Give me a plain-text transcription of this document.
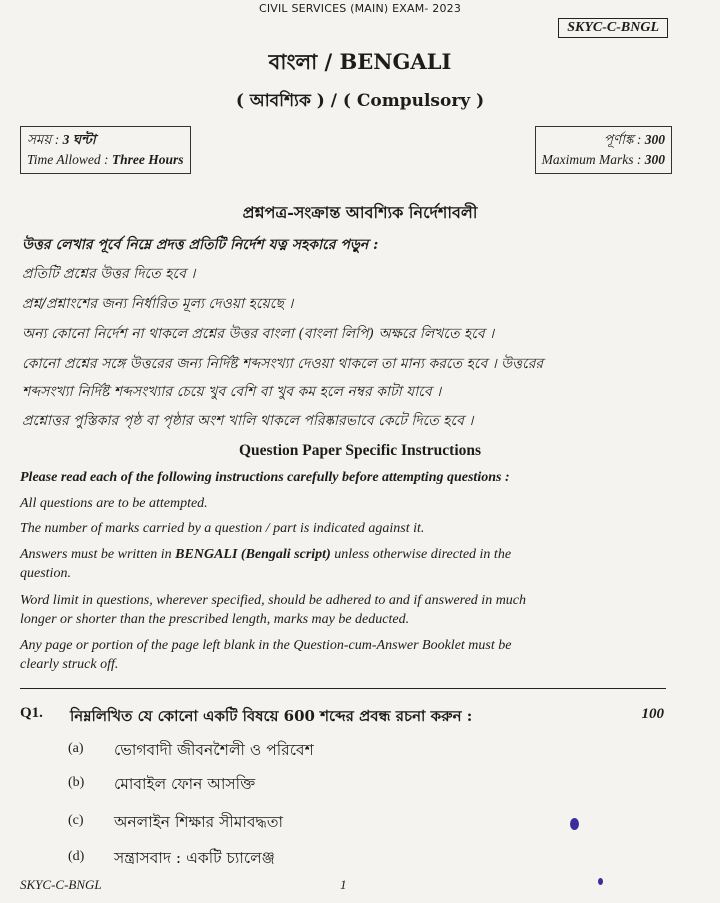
CIVIL SERVICES (MAIN) EXAM- 2023
SKYC-C-BNGL
বাংলা / BENGALI
( আবশ্যিক ) / ( Compulsory )
সময় : 3 ঘন্টা
Time Allowed : Three Hours
পূর্ণাঙ্ক : 300
Maximum Marks : 300
প্রশ্নপত্র-সংক্রান্ত আবশ্যিক নির্দেশাবলী
উত্তর লেখার পূর্বে নিম্নে প্রদত্ত প্রতিটি নির্দেশ যত্ন সহকারে পড়ুন :
প্রতিটি প্রশ্নের উত্তর দিতে হবে ।
প্রশ্ন/প্রশ্নাংশের জন্য নির্ধারিত মূল্য দেওয়া হয়েছে ।
অন্য কোনো নির্দেশ না থাকলে প্রশ্নের উত্তর বাংলা (বাংলা লিপি) অক্ষরে লিখতে হবে ।
কোনো প্রশ্নের সঙ্গে উত্তরের জন্য নির্দিষ্ট শব্দসংখ্যা দেওয়া থাকলে তা মান্য করতে হবে । উত্তরের
শব্দসংখ্যা নির্দিষ্ট শব্দসংখ্যার চেয়ে খুব বেশি বা খুব কম হলে নম্বর কাটা যাবে ।
প্রশ্নোত্তর পুস্তিকার পৃষ্ঠ বা পৃষ্ঠার অংশ খালি থাকলে পরিষ্কারভাবে কেটে দিতে হবে ।
Question Paper Specific Instructions
Please read each of the following instructions carefully before attempting questions :
All questions are to be attempted.
The number of marks carried by a question / part is indicated against it.
Answers must be written in BENGALI (Bengali script) unless otherwise directed in the
question.
Word limit in questions, wherever specified, should be adhered to and if answered in much
longer or shorter than the prescribed length, marks may be deducted.
Any page or portion of the page left blank in the Question-cum-Answer Booklet must be
clearly struck off.
Q1. নিম্নলিখিত যে কোনো একটি বিষয়ে 600 শব্দের প্রবন্ধ রচনা করুন :	100
(a) ভোগবাদী জীবনশৈলী ও পরিবেশ
(b) মোবাইল ফোন আসক্তি
(c) অনলাইন শিক্ষার সীমাবদ্ধতা
(d) সন্ত্রাসবাদ : একটি চ্যালেঞ্জ
SKYC-C-BNGL	1
